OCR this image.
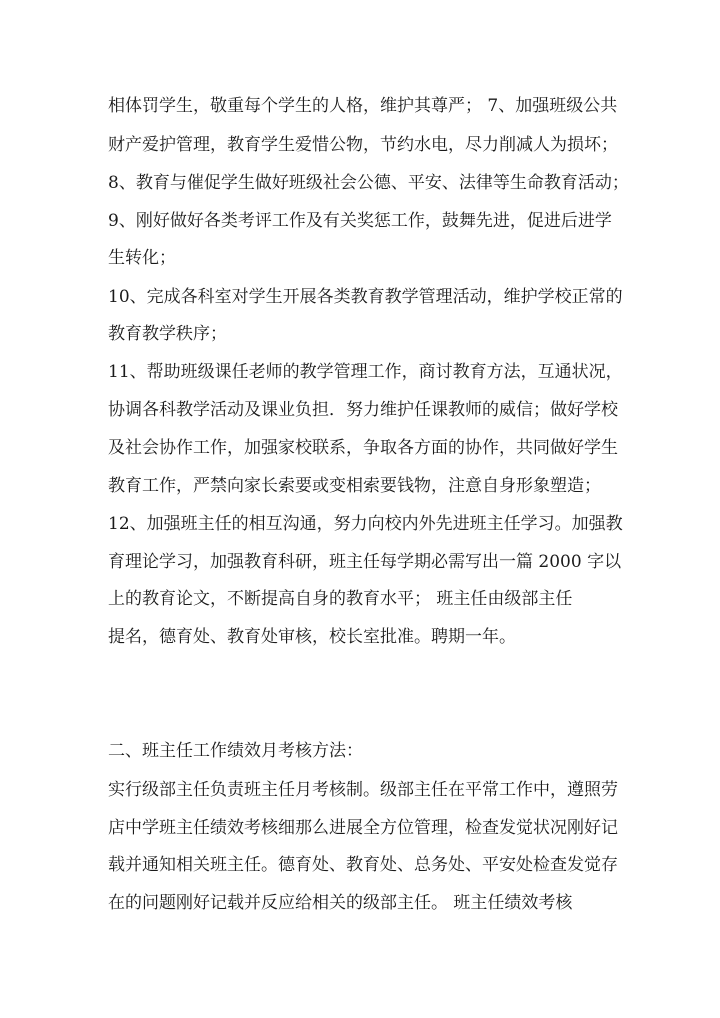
相体罚学生，敬重每个学生的人格，维护其尊严； 7、加强班级公共
财产爱护管理，教育学生爱惜公物，节约水电，尽力削减人为损坏；
8、教育与催促学生做好班级社会公德、平安、法律等生命教育活动；
9、刚好做好各类考评工作及有关奖惩工作，鼓舞先进，促进后进学
生转化；
10、完成各科室对学生开展各类教育教学管理活动，维护学校正常的
教育教学秩序；
11、帮助班级课任老师的教学管理工作，商讨教育方法，互通状况，
协调各科教学活动及课业负担．努力维护任课教师的威信；做好学校
及社会协作工作，加强家校联系，争取各方面的协作，共同做好学生
教育工作，严禁向家长索要或变相索要钱物，注意自身形象塑造；
12、加强班主任的相互沟通，努力向校内外先进班主任学习。加强教
育理论学习，加强教育科研，班主任每学期必需写出一篇 2000 字以
上的教育论文，不断提高自身的教育水平； 班主任由级部主任
提名，德育处、教育处审核，校长室批准。聘期一年。
二、班主任工作绩效月考核方法：
实行级部主任负责班主任月考核制。级部主任在平常工作中，遵照劳
店中学班主任绩效考核细那么进展全方位管理，检查发觉状况刚好记
载并通知相关班主任。德育处、教育处、总务处、平安处检查发觉存
在的问题刚好记载并反应给相关的级部主任。 班主任绩效考核
